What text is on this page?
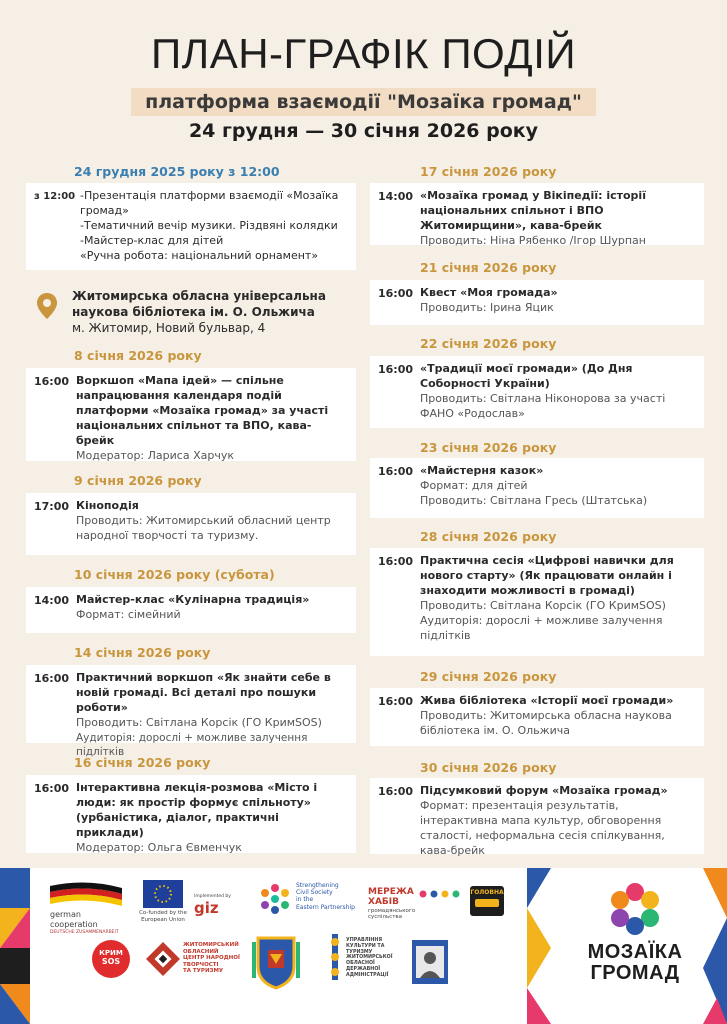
ПЛАН-ГРАФІК ПОДІЙ
платформа взаємодії "Мозаїка громад"
24 грудня — 30 січня 2026 року
24 грудня 2025 року з 12:00
з 12:00 -Презентація платформи взаємодії «Мозаїка громад»
-Тематичний вечір музики. Різдвяні колядки
-Майстер-клас для дітей
«Ручна робота: національний орнамент»
Житомирська обласна універсальна наукова бібліотека ім. О. Ольжича
м. Житомир, Новий бульвар, 4
8 січня 2026 року
16:00 Воркшоп «Мапа ідей» — спільне напрацювання календаря подій платформи «Мозаїка громад» за участі національних спільнот та ВПО, кава-брейк
Модератор: Лариса Харчук
9 січня 2026 року
17:00 Кіноподія
Проводить: Житомирський обласний центр народної творчості та туризму.
10 січня 2026 року (субота)
14:00 Майстер-клас «Кулінарна традиція»
Формат: сімейний
14 січня 2026 року
16:00 Практичний воркшоп «Як знайти себе в новій громаді. Всі деталі про пошуки роботи»
Проводить: Світлана Корсік (ГО КримSOS)
Аудиторія: дорослі + можливе залучення підлітків
16 січня 2026 року
16:00 Інтерактивна лекція-розмова «Місто і люди: як простір формує спільноту» (урбаністика, діалог, практичні приклади)
Модератор: Ольга Євменчук
17 січня 2026 року
14:00 «Мозаїка громад у Вікіпедії: історії національних спільнот і ВПО Житомирщини», кава-брейк
Проводить: Ніна Рябенко /Ігор Шурпан
21 січня 2026 року
16:00 Квест «Моя громада»
Проводить: Ірина Яцик
22 січня 2026 року
16:00 «Традиції моєї громади» (До Дня Соборності України)
Проводить: Світлана Ніконорова за участі ФАНО «Родослав»
23 січня 2026 року
16:00 «Майстерня казок»
Формат: для дітей
Проводить: Світлана Гресь (Штатська)
28 січня 2026 року
16:00 Практична сесія «Цифрові навички для нового старту» (Як працювати онлайн і знаходити можливості в громаді)
Проводить: Світлана Корсік (ГО КримSOS)
Аудиторія: дорослі + можливе залучення підлітків
29 січня 2026 року
16:00 Жива бібліотека «Історії моєї громади»
Проводить: Житомирська обласна наукова бібліотека ім. О. Ольжича
30 січня 2026 року
16:00 Підсумковий форум «Мозаїка громад»
Формат: презентація результатів, інтерактивна мапа культур, обговорення сталості, неформальна сесія спілкування, кава-брейк
german
cooperation
DEUTSCHE ZUSAMMENARBEIT
Co-funded by the European Union
Implemented by
giz
Strengthening
Civil Society
in the
Eastern Partnership
МЕРЕЖА
ХАБІВ
громадянського
суспільства
ГОЛОВНА
КРИМ
SOS
ЖИТОМИРСЬКИЙ
ОБЛАСНИЙ
ЦЕНТР НАРОДНОЇ
ТВОРЧОСТІ
ТА ТУРИЗМУ
УПРАВЛІННЯ
КУЛЬТУРИ ТА ТУРИЗМУ
ЖИТОМИРСЬКОЇ ОБЛАСНОЇ
ДЕРЖАВНОЇ АДМІНІСТРАЦІЇ
МОЗАЇКА
ГРОМАД
